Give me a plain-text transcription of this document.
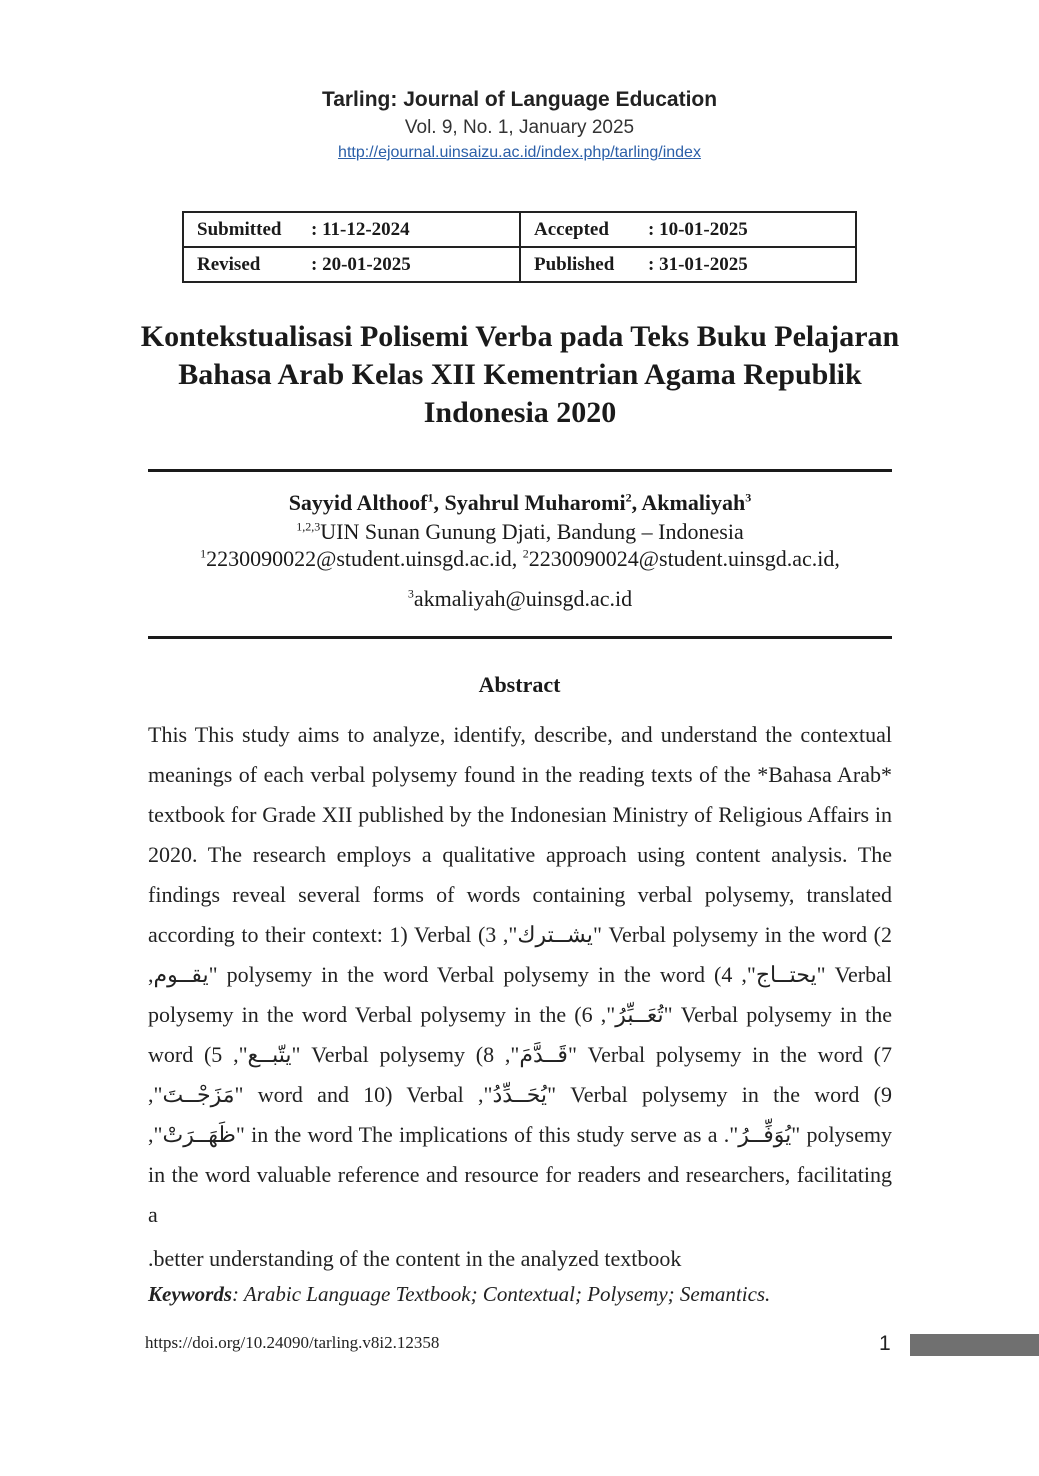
Tarling: Journal of Language Education
Vol. 9, No. 1, January 2025
http://ejournal.uinsaizu.ac.id/index.php/tarling/index
Submitted : 11-12-2024	Accepted : 10-01-2025
Revised : 20-01-2025	Published : 31-01-2025
Kontekstualisasi Polisemi Verba pada Teks Buku Pelajaran Bahasa Arab Kelas XII Kementrian Agama Republik Indonesia 2020
Sayyid Althoof$^1$, Syahrul Muharomi$^2$, Akmaliyah$^3$
$^{1,2,3}$UIN Sunan Gunung Djati, Bandung – Indonesia
$^1$2230090022@student.uinsgd.ac.id, $^2$2230090024@student.uinsgd.ac.id,
$^3$akmaliyah@uinsgd.ac.id
Abstract

This This study aims to analyze, identify, describe, and understand the contextual meanings of each verbal polysemy found in the reading texts of the *Bahasa Arab* textbook for Grade XII published by the Indonesian Ministry of Religious Affairs in 2020. The research employs a qualitative approach using content analysis. The findings reveal several forms of words containing verbal polysemy, translated according to their context: 1) Verbal (3 ,"يشــترك" Verbal polysemy in the word (2 ,يقــوم" polysemy in the word Verbal polysemy in the word (4 ,"يحتــاج" Verbal polysemy in the word Verbal polysemy in the (6 ,"تُعَــبِّرُ" Verbal polysemy in the word (5 ,"يتّبــع" Verbal polysemy (8 ,"قَــدَّمَ" Verbal polysemy in the word (7 ,"مَزَجْــتَ" word and 10) Verbal ,"يُحَــدِّدُ" Verbal polysemy in the word (9 ,"ظَهَــرَتْ" in the word The implications of this study serve as a ."يُوَفِّــرُ" polysemy in the word valuable reference and resource for readers and researchers, facilitating a

.better understanding of the content in the analyzed textbook

Keywords: Arabic Language Textbook; Contextual; Polysemy; Semantics.
https://doi.org/10.24090/tarling.v8i2.12358	1
